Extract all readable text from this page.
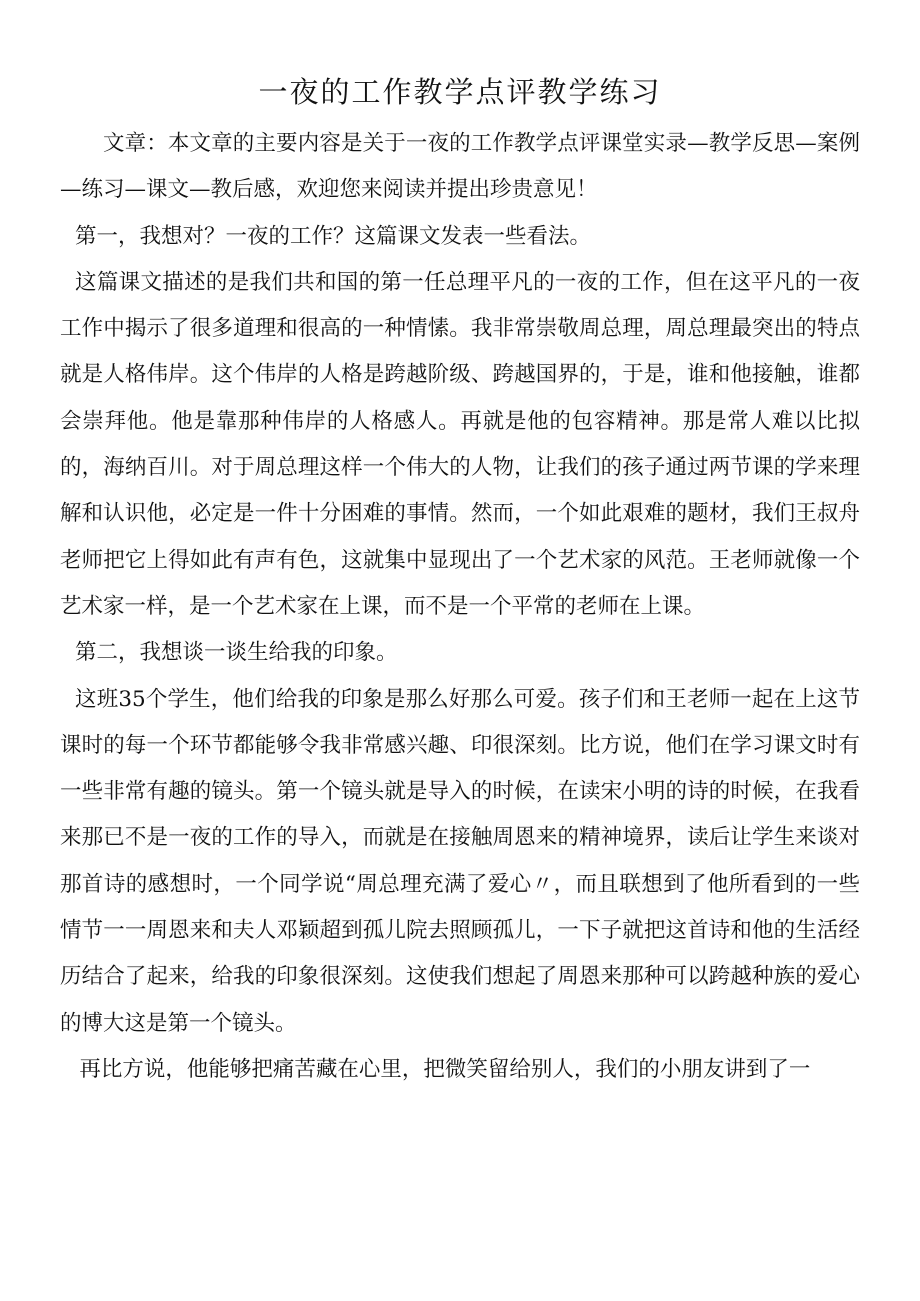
一夜的工作教学点评教学练习

文章：本文章的主要内容是关于一夜的工作教学点评课堂实录—教学反思—案例—练习—课文—教后感，欢迎您来阅读并提出珍贵意见！

第一，我想对？一夜的工作？这篇课文发表一些看法。

这篇课文描述的是我们共和国的第一任总理平凡的一夜的工作，但在这平凡的一夜工作中揭示了很多道理和很高的一种情愫。我非常崇敬周总理，周总理最突出的特点就是人格伟岸。这个伟岸的人格是跨越阶级、跨越国界的，于是，谁和他接触，谁都会崇拜他。他是靠那种伟岸的人格感人。再就是他的包容精神。那是常人难以比拟的，海纳百川。对于周总理这样一个伟大的人物，让我们的孩子通过两节课的学来理解和认识他，必定是一件十分困难的事情。然而，一个如此艰难的题材，我们王叔舟老师把它上得如此有声有色，这就集中显现出了一个艺术家的风范。王老师就像一个艺术家一样，是一个艺术家在上课，而不是一个平常的老师在上课。

第二，我想谈一谈生给我的印象。

这班35个学生，他们给我的印象是那么好那么可爱。孩子们和王老师一起在上这节课时的每一个环节都能够令我非常感兴趣、印很深刻。比方说，他们在学习课文时有一些非常有趣的镜头。第一个镜头就是导入的时候，在读宋小明的诗的时候，在我看来那已不是一夜的工作的导入，而就是在接触周恩来的精神境界，读后让学生来谈对那首诗的感想时，一个同学说“周总理充满了爱心〃，而且联想到了他所看到的一些情节一一周恩来和夫人邓颖超到孤儿院去照顾孤儿，一下子就把这首诗和他的生活经历结合了起来，给我的印象很深刻。这使我们想起了周恩来那种可以跨越种族的爱心的博大这是第一个镜头。

再比方说，他能够把痛苦藏在心里，把微笑留给别人，我们的小朋友讲到了一
